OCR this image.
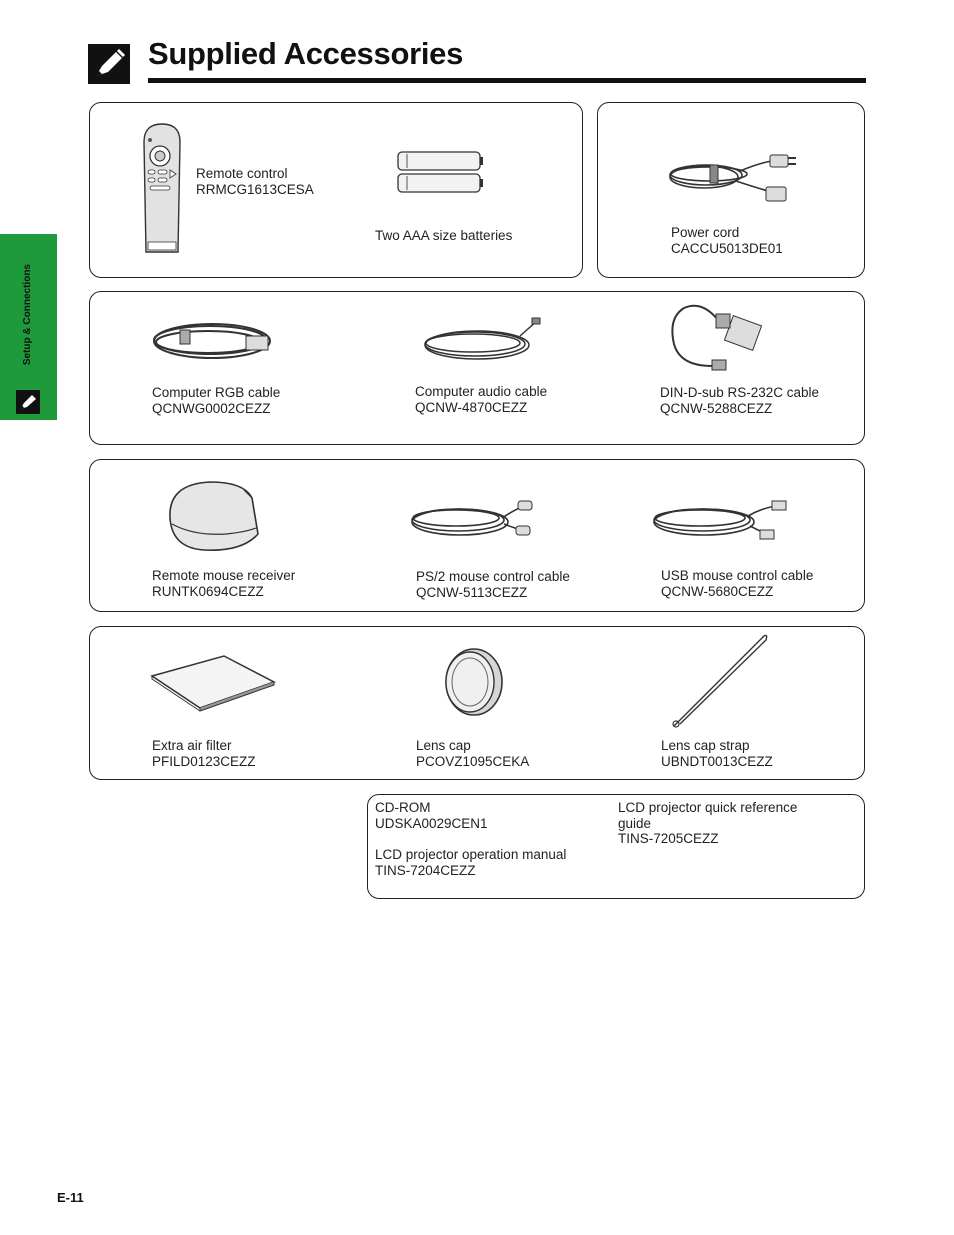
Supplied Accessories
Setup & Connections
Remote control
RRMCG1613CESA
Two AAA size batteries	Power cord
CACCU5013DE01
Computer RGB cable
QCNWG0002CEZZ
Computer audio cable
QCNW-4870CEZZ
DIN-D-sub RS-232C cable
QCNW-5288CEZZ
Remote mouse receiver
RUNTK0694CEZZ
PS/2 mouse control cable
QCNW-5113CEZZ
USB mouse control cable
QCNW-5680CEZZ
Extra air filter
PFILD0123CEZZ
Lens cap
PCOVZ1095CEKA
Lens cap strap
UBNDT0013CEZZ
CD-ROM
UDSKA0029CEN1
LCD projector operation manual
TINS-7204CEZZ
LCD projector quick reference
guide
TINS-7205CEZZ
E-11
